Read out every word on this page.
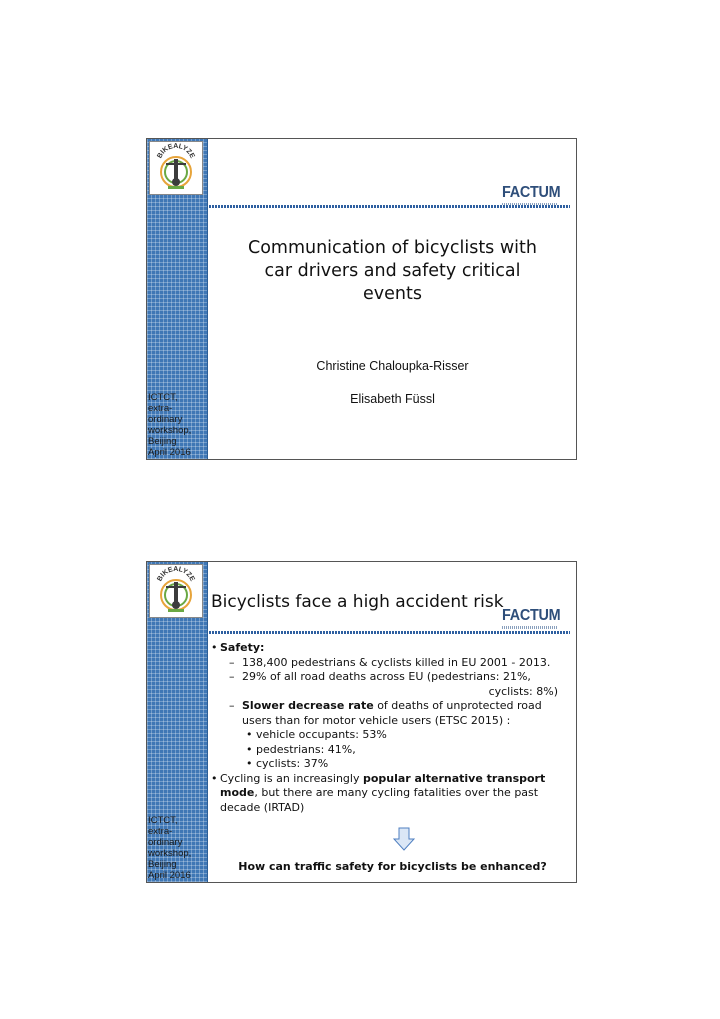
BIKEALYZE
ICTCT,
extra-
ordinary
workshop,
Beijing
April 2016
FACTUM
Communication of bicyclists with
car drivers and safety critical
events
Christine Chaloupka-Risser
Elisabeth Füssl
BIKEALYZE
ICTCT,
extra-
ordinary
workshop,
Beijing
April 2016
Bicyclists face a high accident risk
FACTUM
• Safety:
– 138,400 pedestrians & cyclists killed in EU 2001 - 2013.
– 29% of all road deaths across EU (pedestrians: 21%,
cyclists: 8%)
– Slower decrease rate of deaths of unprotected road
users than for motor vehicle users (ETSC 2015) :
• vehicle occupants: 53%
• pedestrians: 41%,
• cyclists: 37%
• Cycling is an increasingly popular alternative transport
mode, but there are many cycling fatalities over the past
decade (IRTAD)
How can traffic safety for bicyclists be enhanced?
